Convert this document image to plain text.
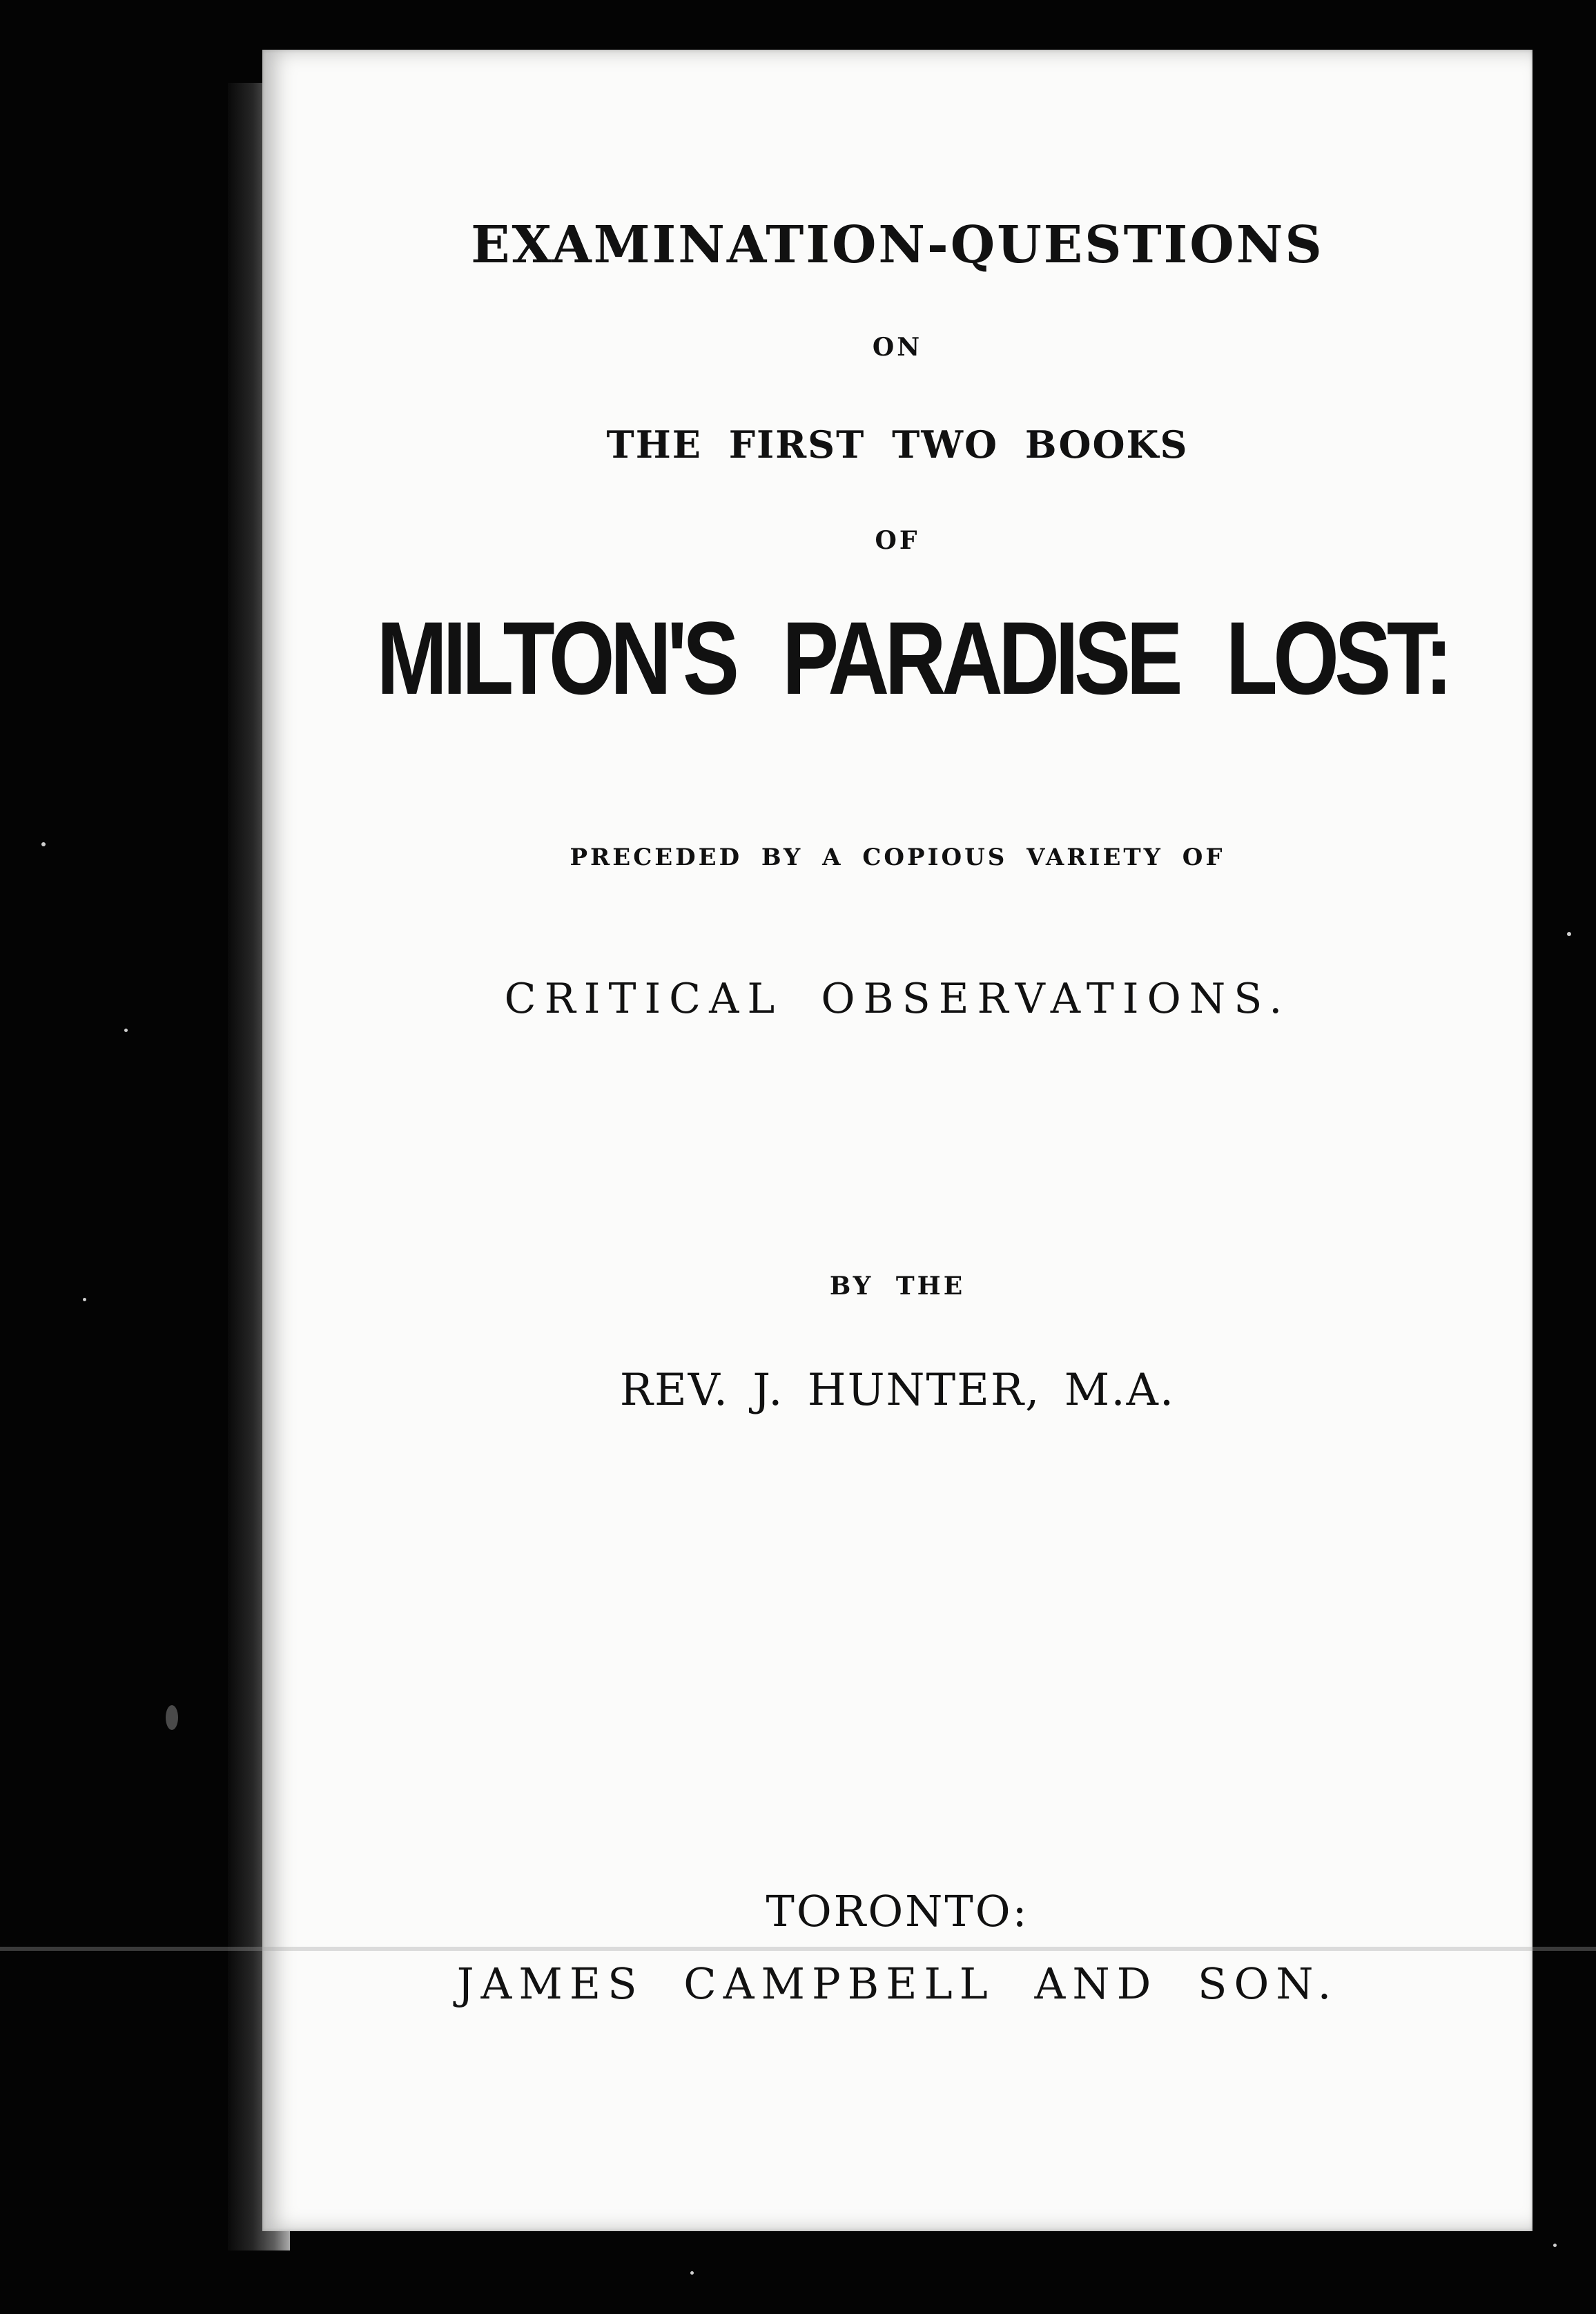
EXAMINATION-QUESTIONS
ON
THE FIRST TWO BOOKS
OF
MILTON'S PARADISE LOST:
PRECEDED BY A COPIOUS VARIETY OF
CRITICAL OBSERVATIONS.
BY THE
REV. J. HUNTER, M.A.
TORONTO:
JAMES CAMPBELL AND SON.
